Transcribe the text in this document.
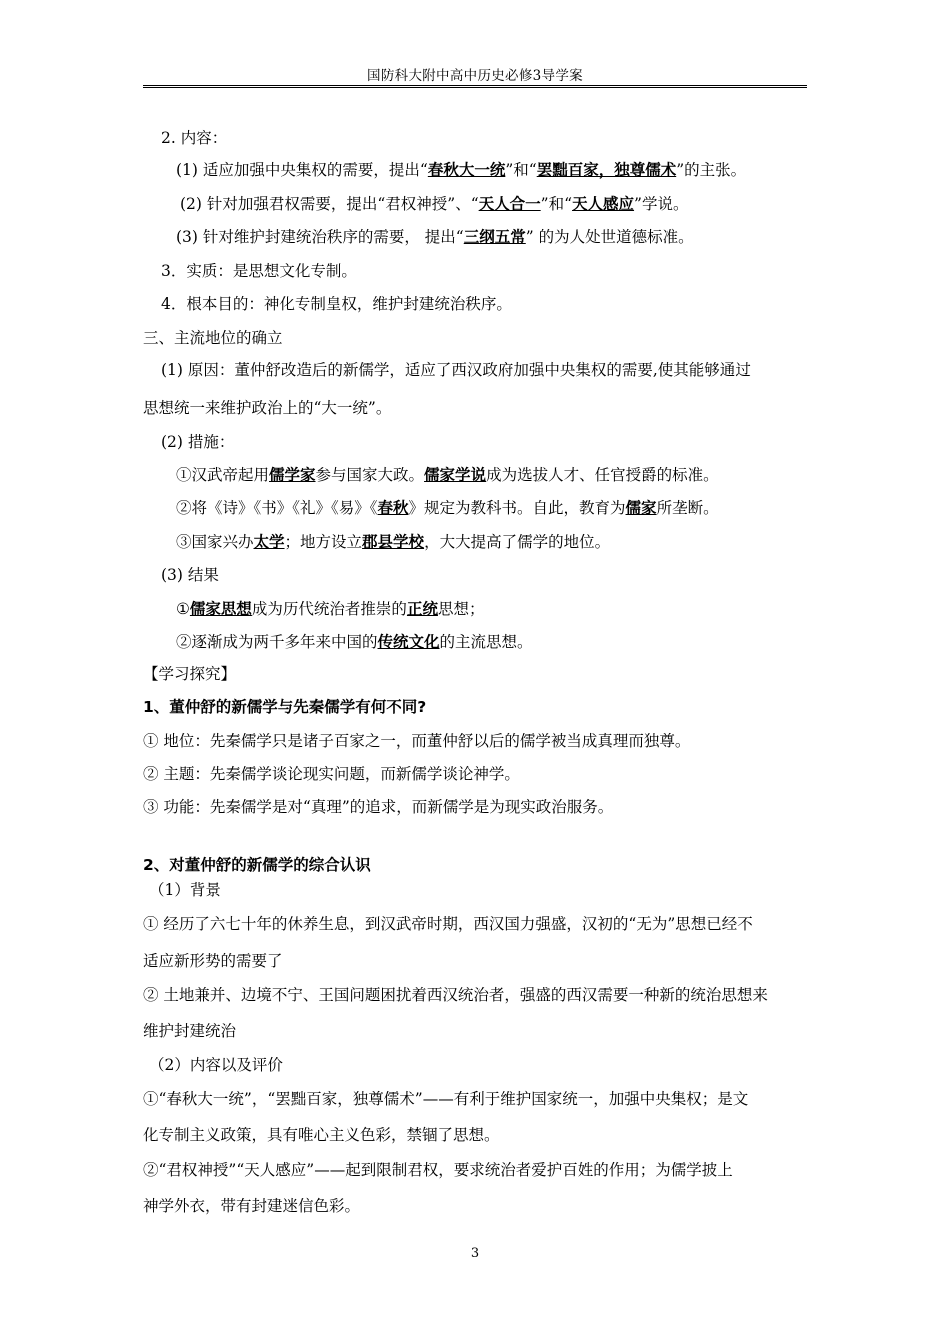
国防科大附中高中历史必修3导学案
2. 内容：
(1) 适应加强中央集权的需要，提出“春秋大一统”和“罢黜百家，独尊儒术”的主张。
(2) 针对加强君权需要，提出“君权神授”、“天人合一”和“天人感应”学说。
(3) 针对维护封建统治秩序的需要， 提出“三纲五常” 的为人处世道德标准。
3．实质：是思想文化专制。
4．根本目的：神化专制皇权，维护封建统治秩序。
三、主流地位的确立
(1) 原因：董仲舒改造后的新儒学，适应了西汉政府加强中央集权的需要,使其能够通过
思想统一来维护政治上的“大一统”。
(2) 措施：
①汉武帝起用儒学家参与国家大政。儒家学说成为选拔人才、任官授爵的标准。
②将《诗》《书》《礼》《易》《春秋》规定为教科书。自此，教育为儒家所垄断。
③国家兴办太学；地方设立郡县学校，大大提高了儒学的地位。
(3) 结果
①儒家思想成为历代统治者推崇的正统思想；
②逐渐成为两千多年来中国的传统文化的主流思想。
【学习探究】
1、董仲舒的新儒学与先秦儒学有何不同?
① 地位：先秦儒学只是诸子百家之一，而董仲舒以后的儒学被当成真理而独尊。
② 主题：先秦儒学谈论现实问题，而新儒学谈论神学。
③ 功能：先秦儒学是对“真理”的追求，而新儒学是为现实政治服务。
2、对董仲舒的新儒学的综合认识
（1）背景
① 经历了六七十年的休养生息，到汉武帝时期，西汉国力强盛，汉初的“无为”思想已经不
适应新形势的需要了
② 土地兼并、边境不宁、王国问题困扰着西汉统治者，强盛的西汉需要一种新的统治思想来
维护封建统治
（2）内容以及评价
①“春秋大一统”，“罢黜百家，独尊儒术”——有利于维护国家统一，加强中央集权；是文
化专制主义政策，具有唯心主义色彩，禁锢了思想。
②“君权神授”“天人感应”——起到限制君权，要求统治者爱护百姓的作用；为儒学披上
神学外衣，带有封建迷信色彩。
3
